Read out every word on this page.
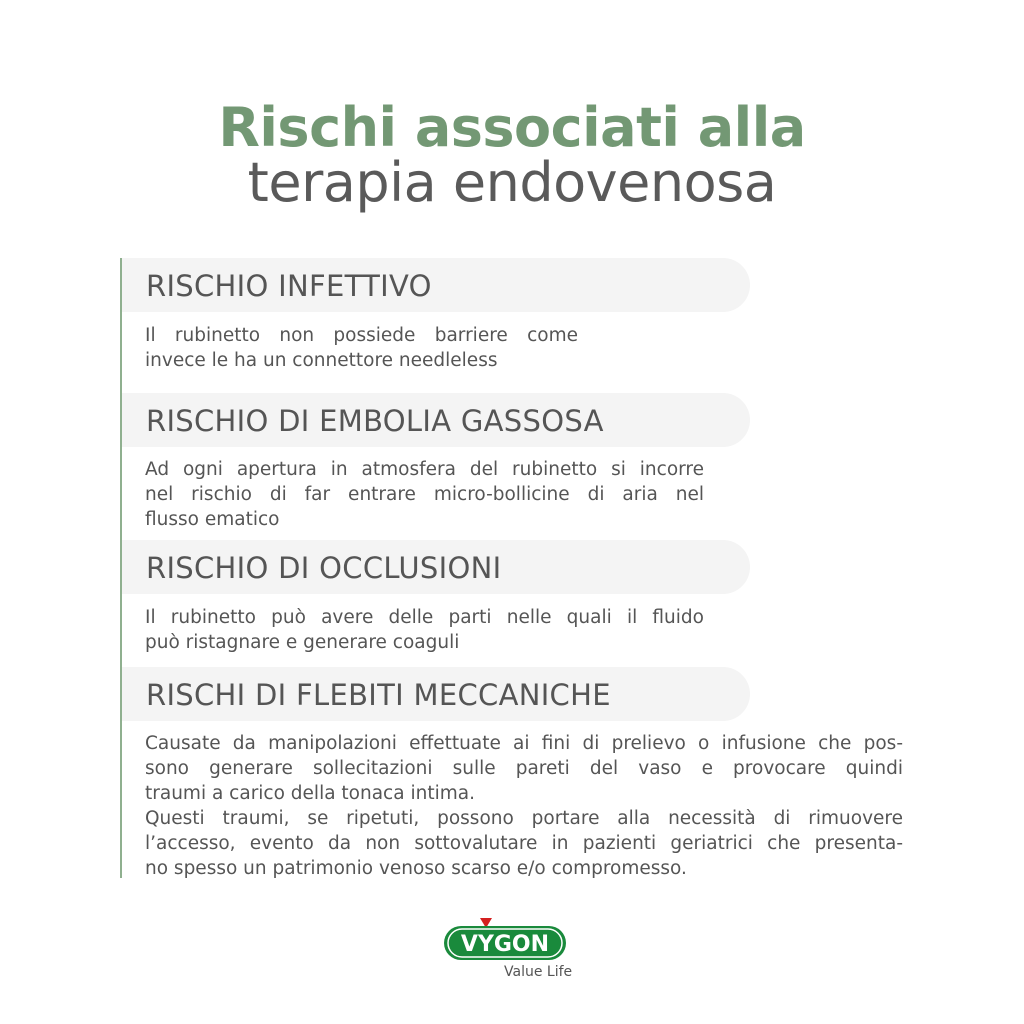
Rischi associati alla
terapia endovenosa
RISCHIO INFETTIVO
Il rubinetto non possiede barriere come
invece le ha un connettore needleless
RISCHIO DI EMBOLIA GASSOSA
Ad ogni apertura in atmosfera del rubinetto si incorre
nel rischio di far entrare micro-bollicine di aria nel
flusso ematico
RISCHIO DI OCCLUSIONI
Il rubinetto può avere delle parti nelle quali il fluido
può ristagnare e generare coaguli
RISCHI DI FLEBITI MECCANICHE
Causate da manipolazioni effettuate ai fini di prelievo o infusione che pos-
sono generare sollecitazioni sulle pareti del vaso e provocare quindi
traumi a carico della tonaca intima.
Questi traumi, se ripetuti, possono portare alla necessità di rimuovere
l’accesso, evento da non sottovalutare in pazienti geriatrici che presenta-
no spesso un patrimonio venoso scarso e/o compromesso.
VYGON
Value Life
